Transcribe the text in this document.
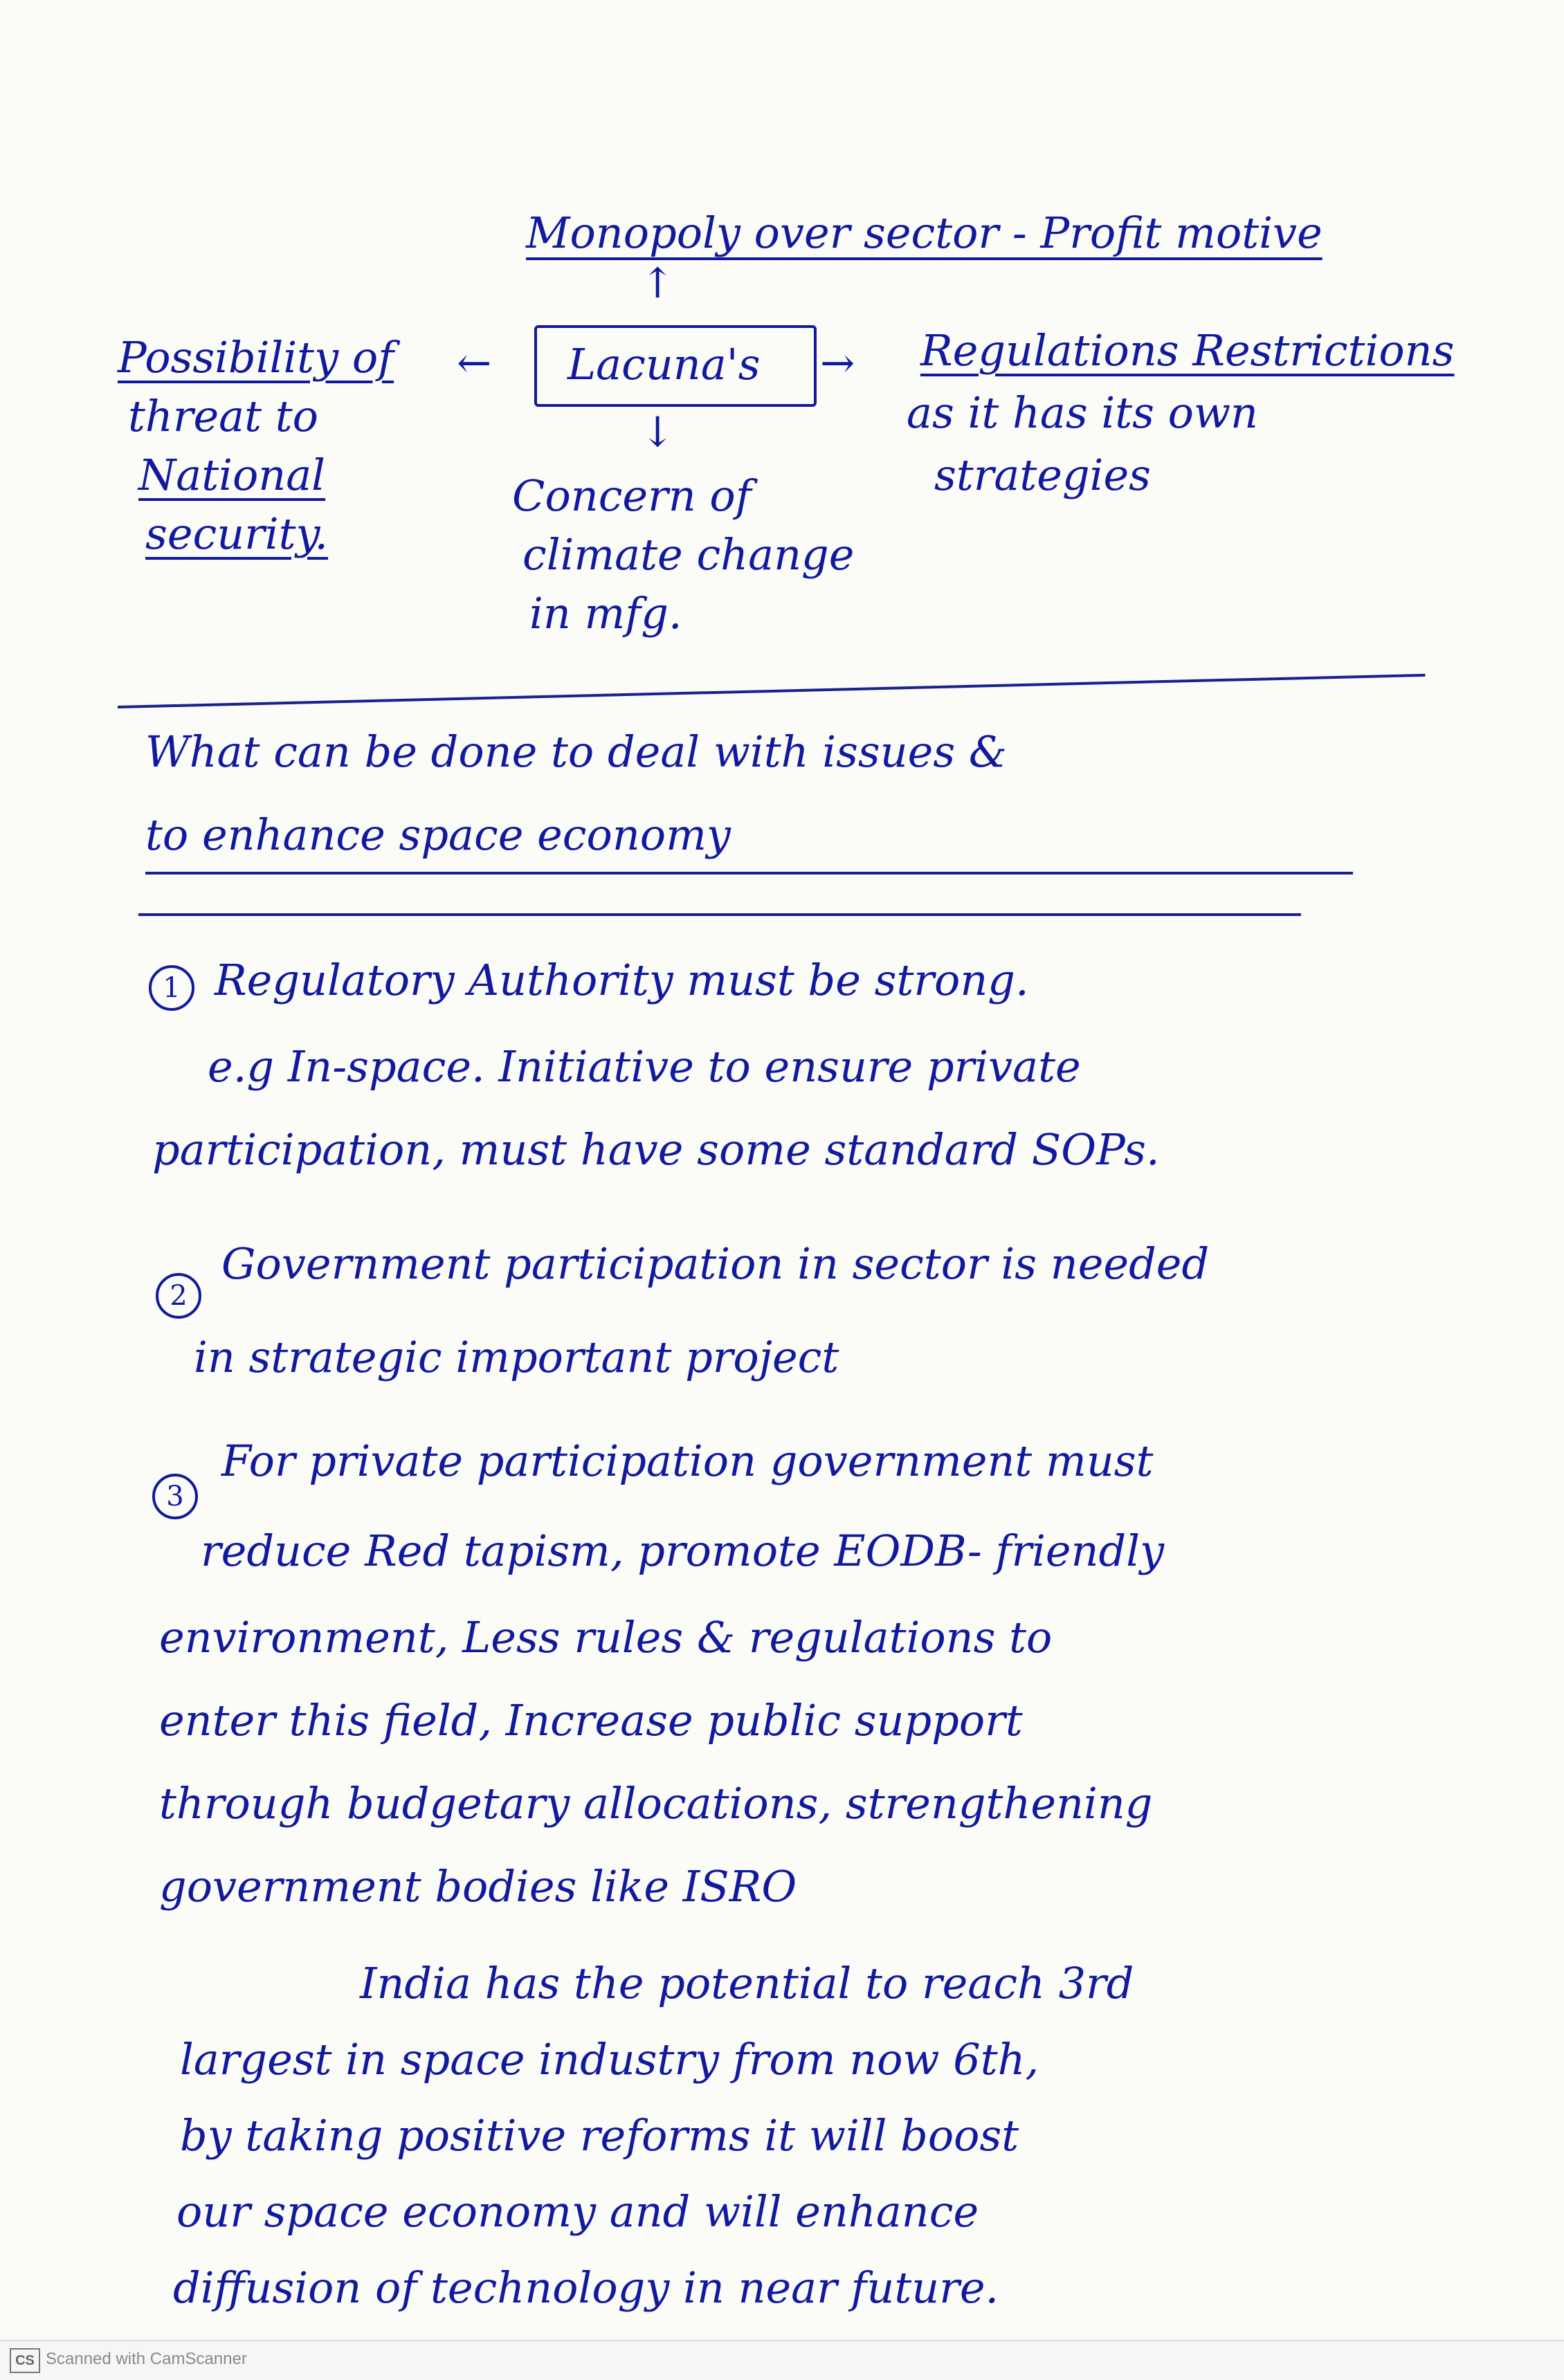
Monopoly over sector - Profit motive
↑
Lacuna's
←	→
↓
Possibility of
threat to
National
security.
Regulations Restrictions
as it has its own
strategies
Concern of
climate change
in mfg.
What can be done to deal with issues &
to enhance space economy
1 Regulatory Authority must be strong.
e.g In-space. Initiative to ensure private
participation, must have some standard SOPs.
2
Government participation in sector is needed
in strategic important project
3
For private participation government must
reduce Red tapism, promote EODB- friendly
environment, Less rules & regulations to
enter this field, Increase public support
through budgetary allocations, strengthening
government bodies like ISRO
India has the potential to reach 3rd
largest in space industry from now 6th,
by taking positive reforms it will boost
our space economy and will enhance
diffusion of technology in near future.
CS Scanned with CamScanner
